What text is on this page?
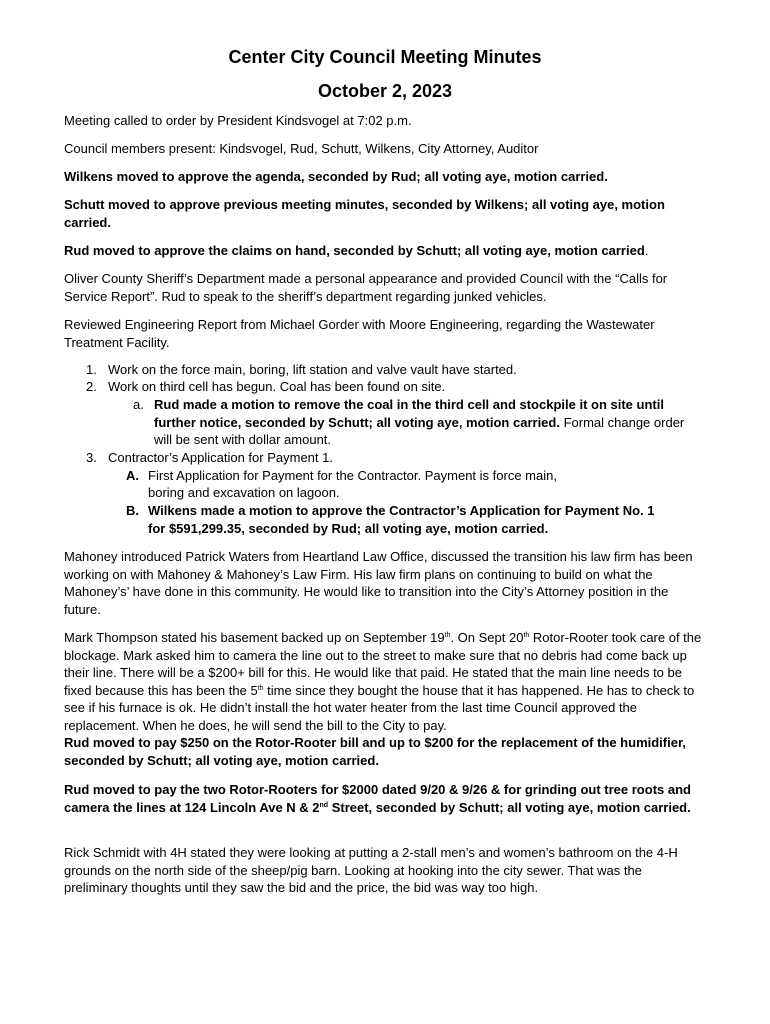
Center City Council Meeting Minutes
October 2, 2023
Meeting called to order by President Kindsvogel at 7:02 p.m.
Council members present: Kindsvogel, Rud, Schutt, Wilkens, City Attorney, Auditor
Wilkens moved to approve the agenda, seconded by Rud; all voting aye, motion carried.
Schutt moved to approve previous meeting minutes, seconded by Wilkens; all voting aye, motion carried.
Rud moved to approve the claims on hand, seconded by Schutt; all voting aye, motion carried.
Oliver County Sheriff’s Department made a personal appearance and provided Council with the “Calls for Service Report”. Rud to speak to the sheriff’s department regarding junked vehicles.
Reviewed Engineering Report from Michael Gorder with Moore Engineering, regarding the Wastewater Treatment Facility.
1. Work on the force main, boring, lift station and valve vault have started.
2. Work on third cell has begun. Coal has been found on site.
a. Rud made a motion to remove the coal in the third cell and stockpile it on site until further notice, seconded by Schutt; all voting aye, motion carried. Formal change order will be sent with dollar amount.
3. Contractor’s Application for Payment 1.
A. First Application for Payment for the Contractor. Payment is force main,
boring and excavation on lagoon.
B. Wilkens made a motion to approve the Contractor’s Application for Payment No. 1
for $591,299.35, seconded by Rud; all voting aye, motion carried.
Mahoney introduced Patrick Waters from Heartland Law Office, discussed the transition his law firm has been working on with Mahoney & Mahoney’s Law Firm. His law firm plans on continuing to build on what the Mahoney’s’ have done in this community. He would like to transition into the City’s Attorney position in the future.
Mark Thompson stated his basement backed up on September 19th. On Sept 20th Rotor-Rooter took care of the blockage. Mark asked him to camera the line out to the street to make sure that no debris had come back up their line. There will be a $200+ bill for this. He would like that paid. He stated that the main line needs to be fixed because this has been the 5th time since they bought the house that it has happened. He has to check to see if his furnace is ok. He didn’t install the hot water heater from the last time Council approved the replacement. When he does, he will send the bill to the City to pay.
Rud moved to pay $250 on the Rotor-Rooter bill and up to $200 for the replacement of the humidifier, seconded by Schutt; all voting aye, motion carried.
Rud moved to pay the two Rotor-Rooters for $2000 dated 9/20 & 9/26 & for grinding out tree roots and camera the lines at 124 Lincoln Ave N & 2nd Street, seconded by Schutt; all voting aye, motion carried.
Rick Schmidt with 4H stated they were looking at putting a 2-stall men’s and women’s bathroom on the 4-H grounds on the north side of the sheep/pig barn. Looking at hooking into the city sewer. That was the preliminary thoughts until they saw the bid and the price, the bid was way too high.
